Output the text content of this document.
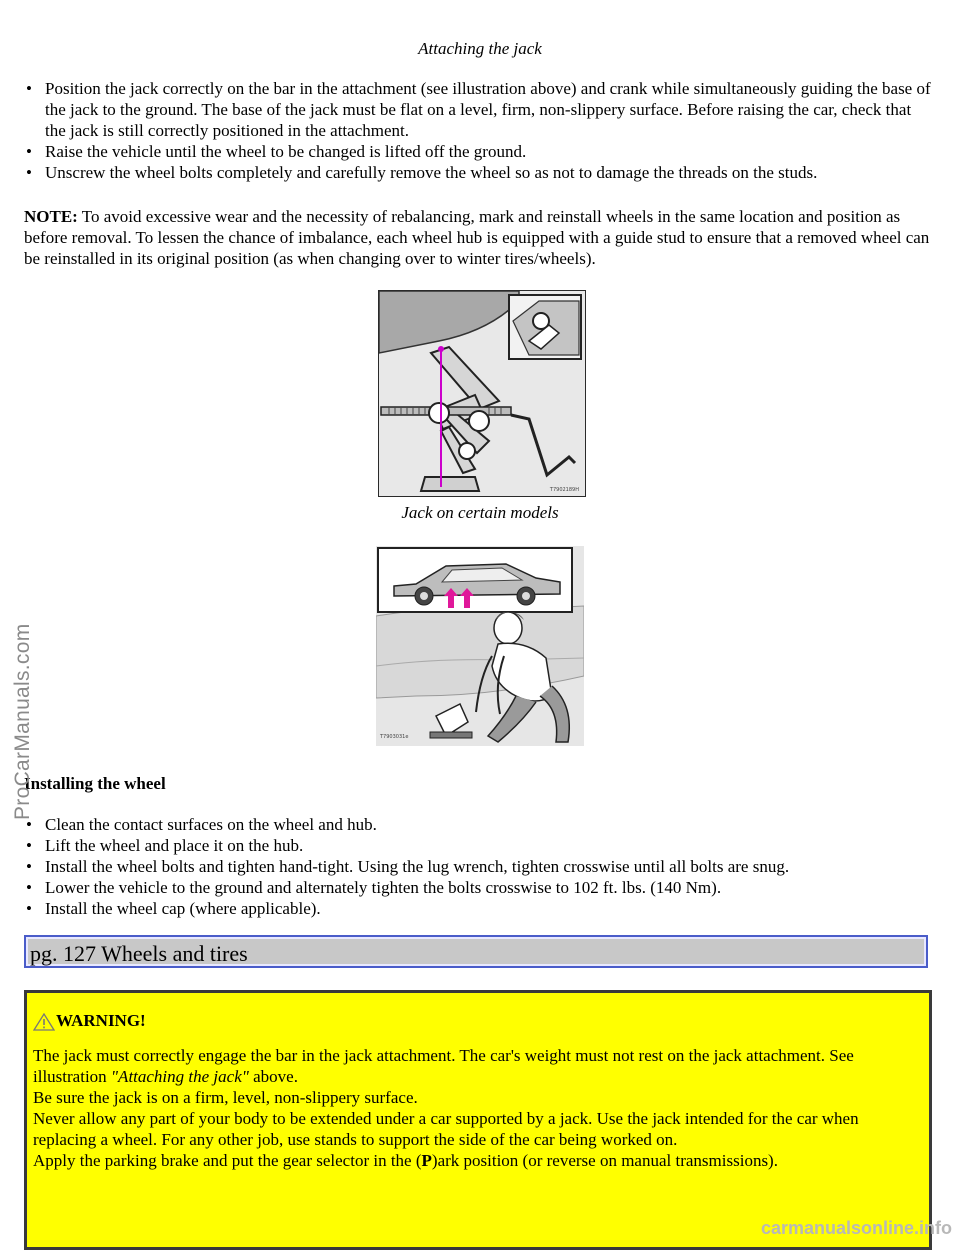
Attaching the jack
• Position the jack correctly on the bar in the attachment (see illustration above) and crank while simultaneously guiding the base of the jack to the ground. The base of the jack must be flat on a level, firm, non-slippery surface. Before raising the car, check that the jack is still correctly positioned in the attachment.
• Raise the vehicle until the wheel to be changed is lifted off the ground.
• Unscrew the wheel bolts completely and carefully remove the wheel so as not to damage the threads on the studs.
NOTE: To avoid excessive wear and the necessity of rebalancing, mark and reinstall wheels in the same location and position as before removal. To lessen the chance of imbalance, each wheel hub is equipped with a guide stud to ensure that a removed wheel can be reinstalled in its original position (as when changing over to winter tires/wheels).
T7902189H
Jack on certain models
T7903031e
Installing the wheel
• Clean the contact surfaces on the wheel and hub.
• Lift the wheel and place it on the hub.
• Install the wheel bolts and tighten hand-tight. Using the lug wrench, tighten crosswise until all bolts are snug.
• Lower the vehicle to the ground and alternately tighten the bolts crosswise to 102 ft. lbs. (140 Nm).
• Install the wheel cap (where applicable).
pg. 127 Wheels and tires
WARNING!
The jack must correctly engage the bar in the jack attachment. The car's weight must not rest on the jack attachment. See illustration "Attaching the jack" above.
Be sure the jack is on a firm, level, non-slippery surface.
Never allow any part of your body to be extended under a car supported by a jack. Use the jack intended for the car when replacing a wheel. For any other job, use stands to support the side of the car being worked on.
Apply the parking brake and put the gear selector in the (P)ark position (or reverse on manual transmissions).
ProCarManuals.com
carmanualsonline.info
